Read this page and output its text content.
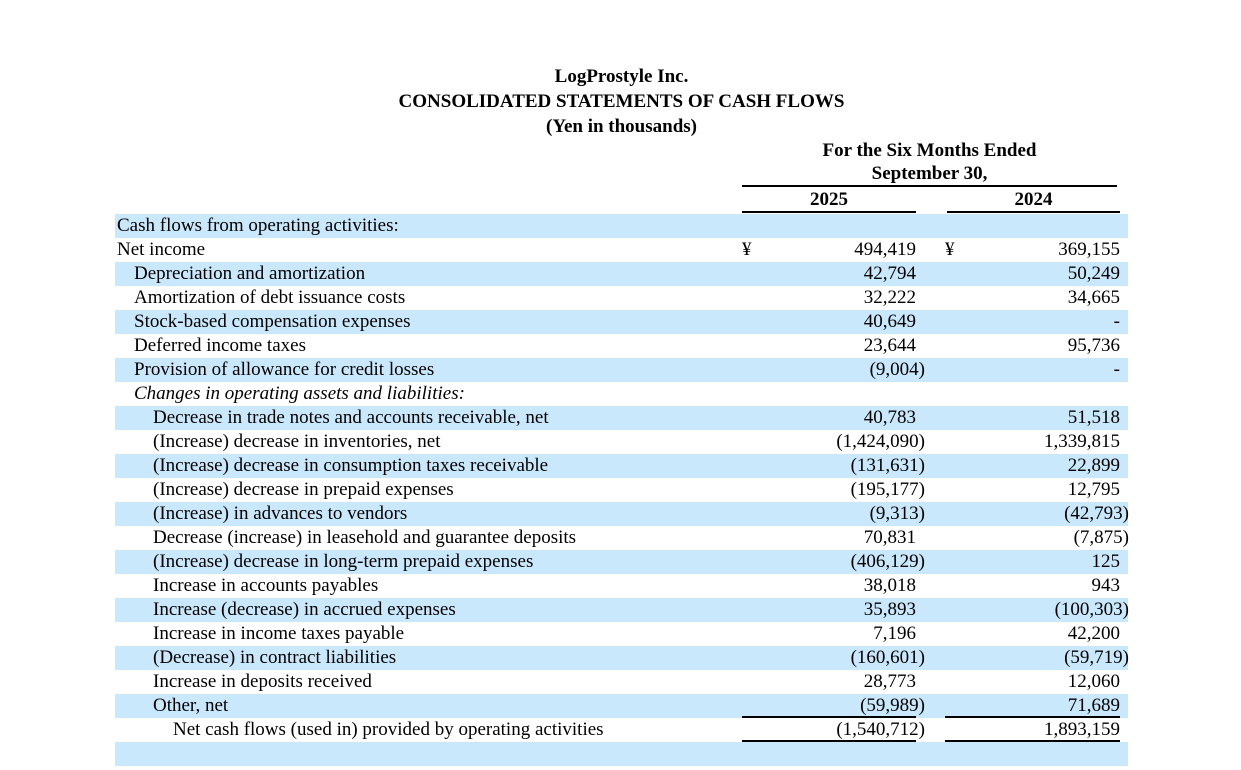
LogProstyle Inc.
CONSOLIDATED STATEMENTS OF CASH FLOWS
(Yen in thousands)
For the Six Months Ended
September 30,
2025	2024
Cash flows from operating activities:
Net income	¥	494,419 ¥	369,155
Depreciation and amortization	42,794	50,249
Amortization of debt issuance costs	32,222	34,665
Stock-based compensation expenses	40,649	-
Deferred income taxes	23,644	95,736
Provision of allowance for credit losses	(9,004)	-
Changes in operating assets and liabilities:
Decrease in trade notes and accounts receivable, net	40,783	51,518
(Increase) decrease in inventories, net	(1,424,090)	1,339,815
(Increase) decrease in consumption taxes receivable	(131,631)	22,899
(Increase) decrease in prepaid expenses	(195,177)	12,795
(Increase) in advances to vendors	(9,313)	(42,793)
Decrease (increase) in leasehold and guarantee deposits	70,831	(7,875)
(Increase) decrease in long-term prepaid expenses	(406,129)	125
Increase in accounts payables	38,018	943
Increase (decrease) in accrued expenses	35,893	(100,303)
Increase in income taxes payable	7,196	42,200
(Decrease) in contract liabilities	(160,601)	(59,719)
Increase in deposits received	28,773	12,060
Other, net	(59,989)	71,689
Net cash flows (used in) provided by operating activities	(1,540,712)	1,893,159
